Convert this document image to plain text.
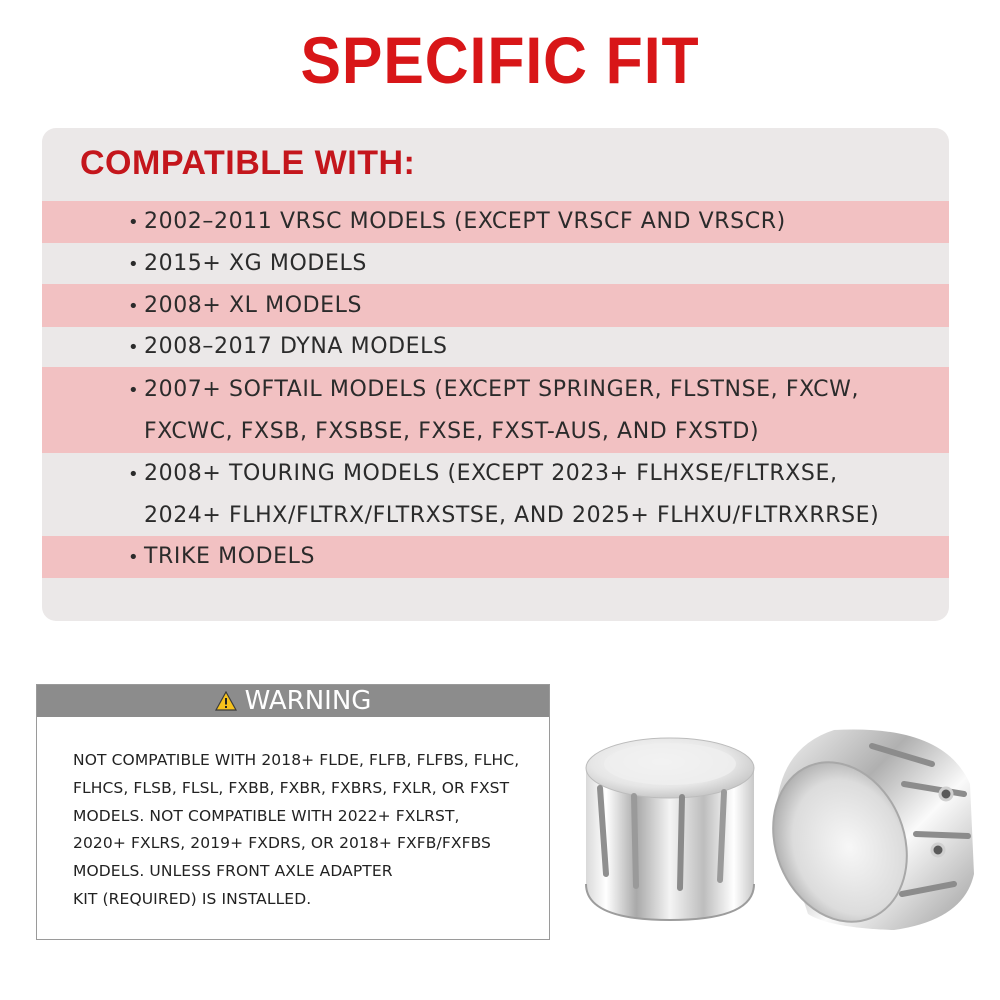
SPECIFIC FIT
COMPATIBLE WITH:
• 2002–2011 VRSC MODELS (EXCEPT VRSCF AND VRSCR)
• 2015+ XG MODELS
• 2008+ XL MODELS
• 2008–2017 DYNA MODELS
• 2007+ SOFTAIL MODELS (EXCEPT SPRINGER, FLSTNSE, FXCW,
FXCWC, FXSB, FXSBSE, FXSE, FXST-AUS, AND FXSTD)
• 2008+ TOURING MODELS (EXCEPT 2023+ FLHXSE/FLTRXSE,
2024+ FLHX/FLTRX/FLTRXSTSE, AND 2025+ FLHXU/FLTRXRRSE)
• TRIKE MODELS
WARNING
NOT COMPATIBLE WITH 2018+ FLDE, FLFB, FLFBS, FLHC,
FLHCS, FLSB, FLSL, FXBB, FXBR, FXBRS, FXLR, OR FXST
MODELS. NOT COMPATIBLE WITH 2022+ FXLRST,
2020+ FXLRS, 2019+ FXDRS, OR 2018+ FXFB/FXFBS
MODELS. UNLESS FRONT AXLE ADAPTER
KIT (REQUIRED) IS INSTALLED.
